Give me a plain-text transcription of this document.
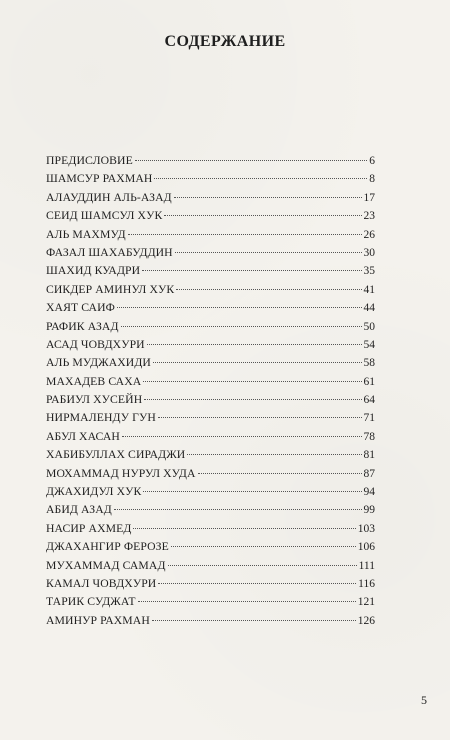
СОДЕРЖАНИЕ
ПРЕДИСЛОВИЕ	6
ШАМСУР РАХМАН	8
АЛАУДДИН АЛЬ-АЗАД	17
СЕИД ШАМСУЛ ХУК	23
АЛЬ МАХМУД	26
ФАЗАЛ ШАХАБУДДИН	30
ШАХИД КУАДРИ	35
СИКДЕР АМИНУЛ ХУК	41
ХАЯТ САИФ	44
РАФИК АЗАД	50
АСАД ЧОВДХУРИ	54
АЛЬ МУДЖАХИДИ	58
МАХАДЕВ САХА	61
РАБИУЛ ХУСЕЙН	64
НИРМАЛЕНДУ ГУН	71
АБУЛ ХАСАН	78
ХАБИБУЛЛАХ СИРАДЖИ	81
МОХАММАД НУРУЛ ХУДА	87
ДЖАХИДУЛ ХУК	94
АБИД АЗАД	99
НАСИР АХМЕД	103
ДЖАХАНГИР ФЕРОЗЕ	106
МУХАММАД САМАД	111
КАМАЛ ЧОВДХУРИ	116
ТАРИК СУДЖАТ	121
АМИНУР РАХМАН	126
5
